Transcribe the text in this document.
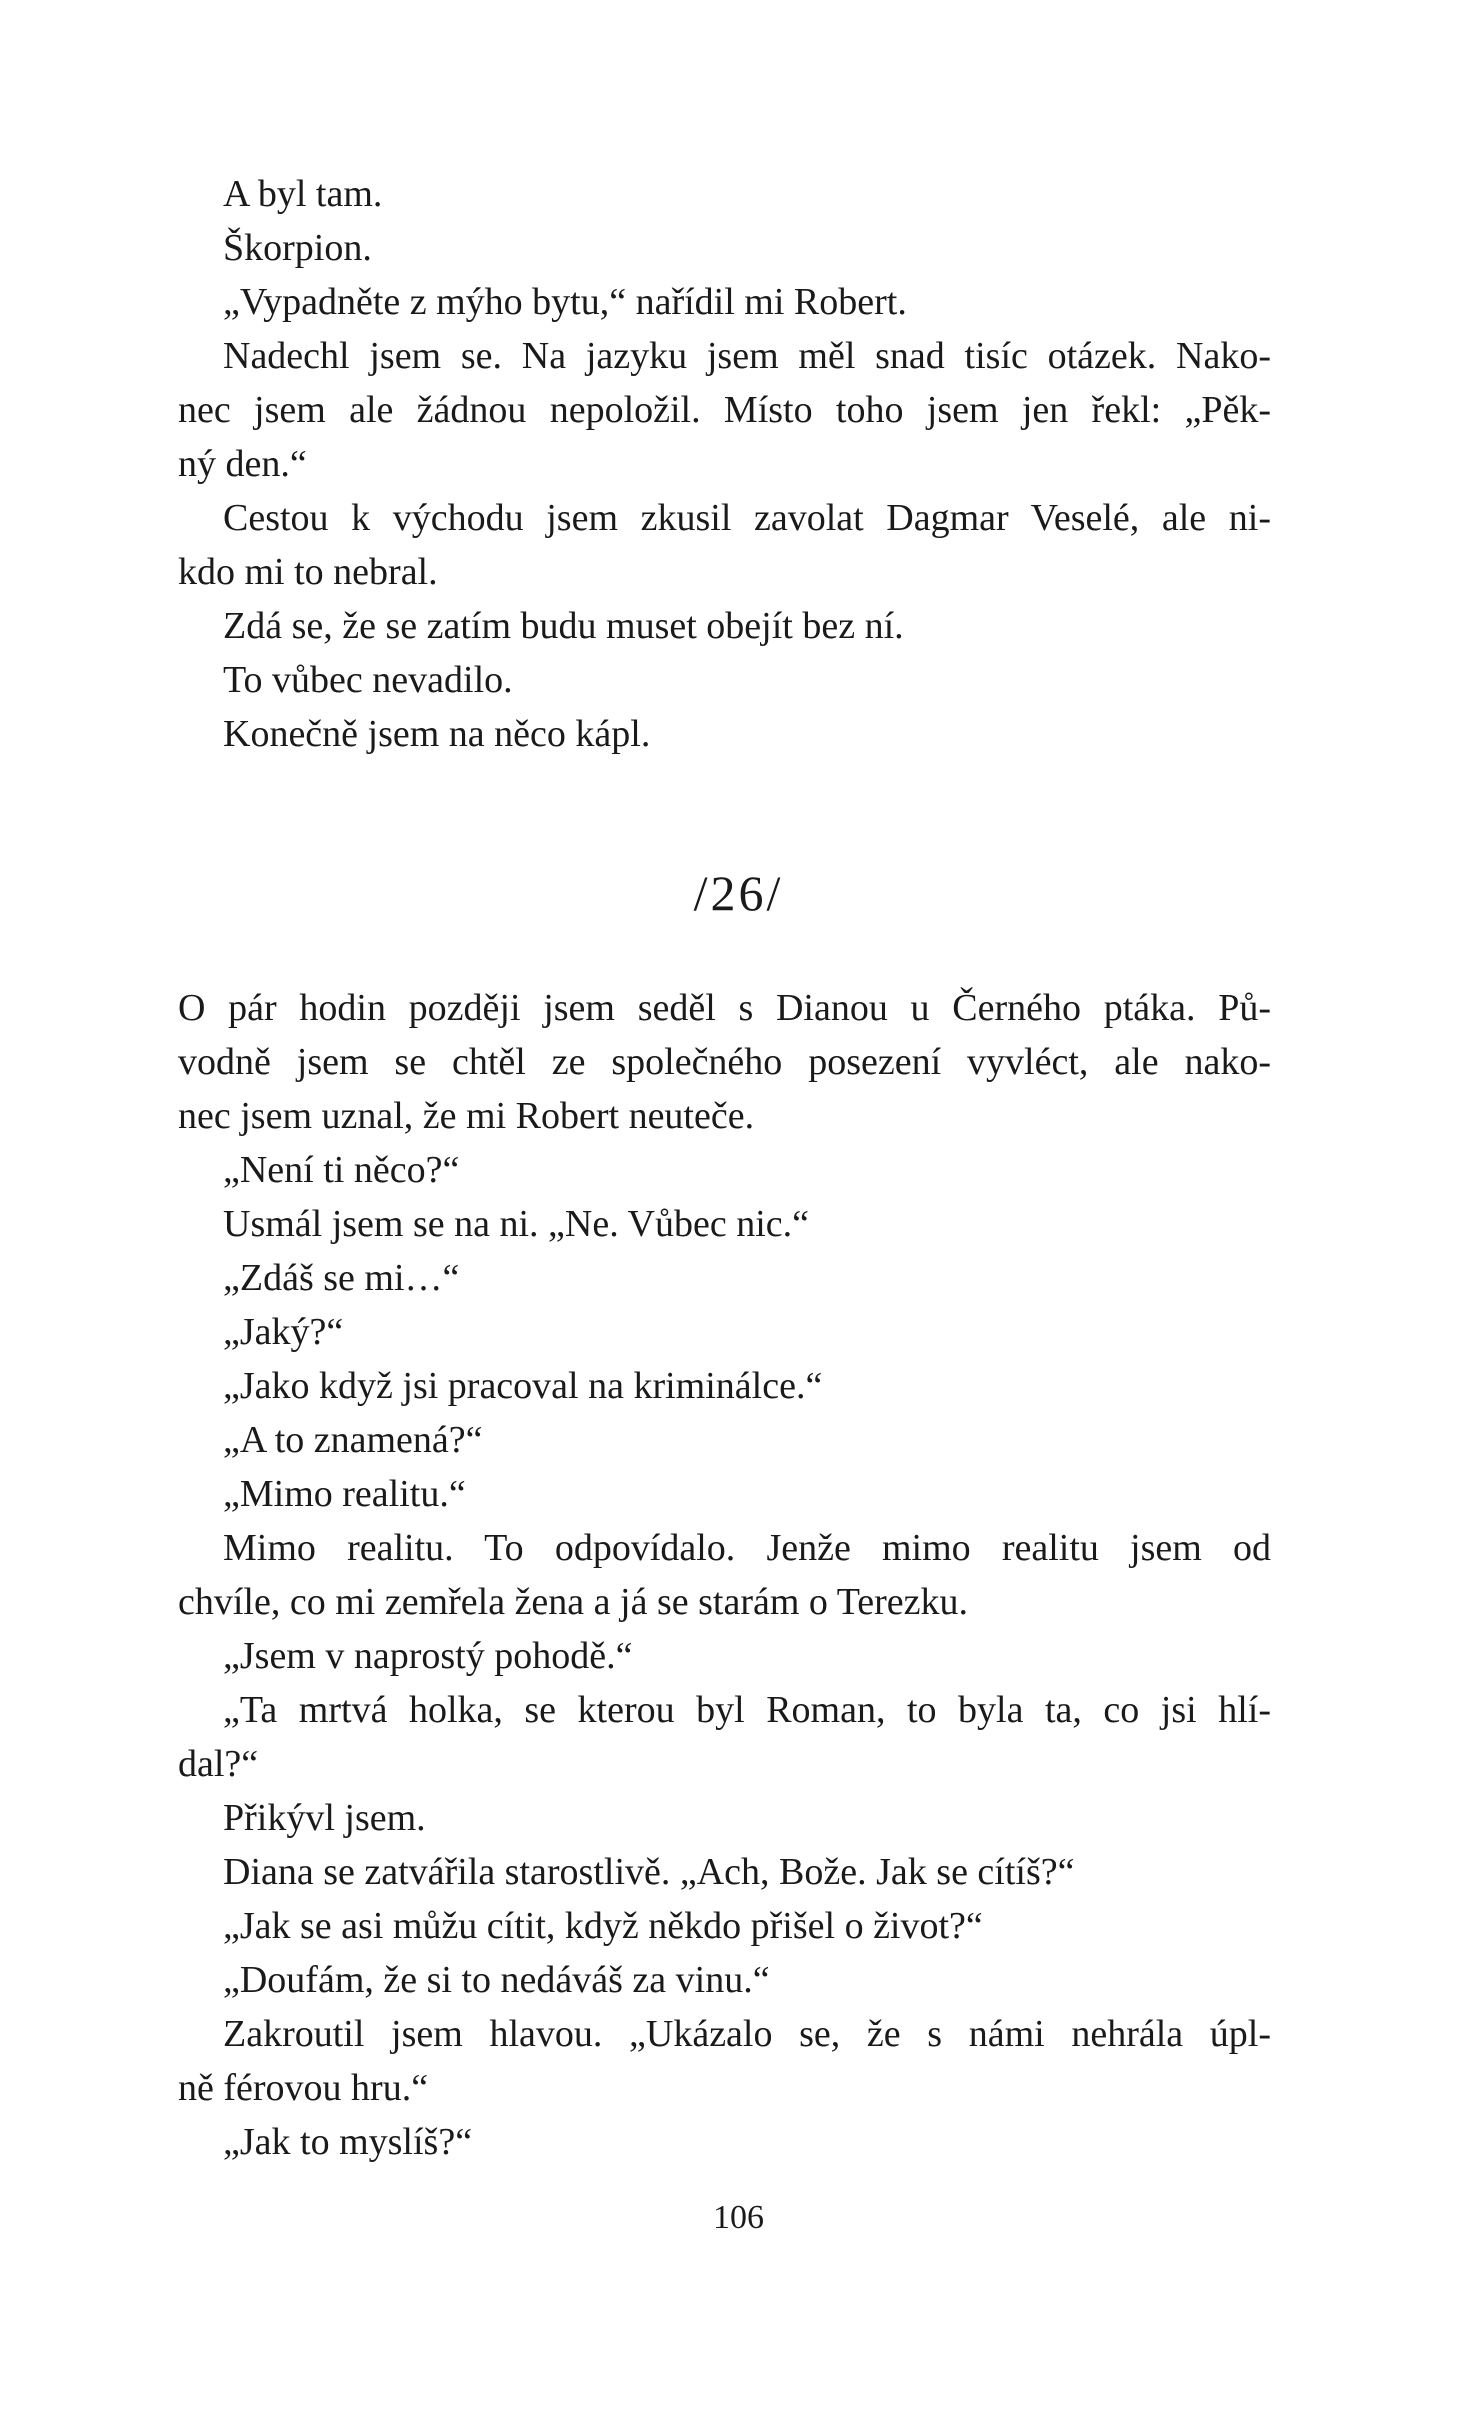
A byl tam.
Škorpion.
„Vypadněte z mýho bytu,“ nařídil mi Robert.
Nadechl jsem se. Na jazyku jsem měl snad tisíc otázek. Nako-
nec jsem ale žádnou nepoložil. Místo toho jsem jen řekl: „Pěk-
ný den.“
Cestou k východu jsem zkusil zavolat Dagmar Veselé, ale ni-
kdo mi to nebral.
Zdá se, že se zatím budu muset obejít bez ní.
To vůbec nevadilo.
Konečně jsem na něco kápl.
/26/
O pár hodin později jsem seděl s Dianou u Černého ptáka. Pů-
vodně jsem se chtěl ze společného posezení vyvléct, ale nako-
nec jsem uznal, že mi Robert neuteče.
„Není ti něco?“
Usmál jsem se na ni. „Ne. Vůbec nic.“
„Zdáš se mi…“
„Jaký?“
„Jako když jsi pracoval na kriminálce.“
„A to znamená?“
„Mimo realitu.“
Mimo realitu. To odpovídalo. Jenže mimo realitu jsem od
chvíle, co mi zemřela žena a já se starám o Terezku.
„Jsem v naprostý pohodě.“
„Ta mrtvá holka, se kterou byl Roman, to byla ta, co jsi hlí-
dal?“
Přikývl jsem.
Diana se zatvářila starostlivě. „Ach, Bože. Jak se cítíš?“
„Jak se asi můžu cítit, když někdo přišel o život?“
„Doufám, že si to nedáváš za vinu.“
Zakroutil jsem hlavou. „Ukázalo se, že s námi nehrála úpl-
ně férovou hru.“
„Jak to myslíš?“
106
